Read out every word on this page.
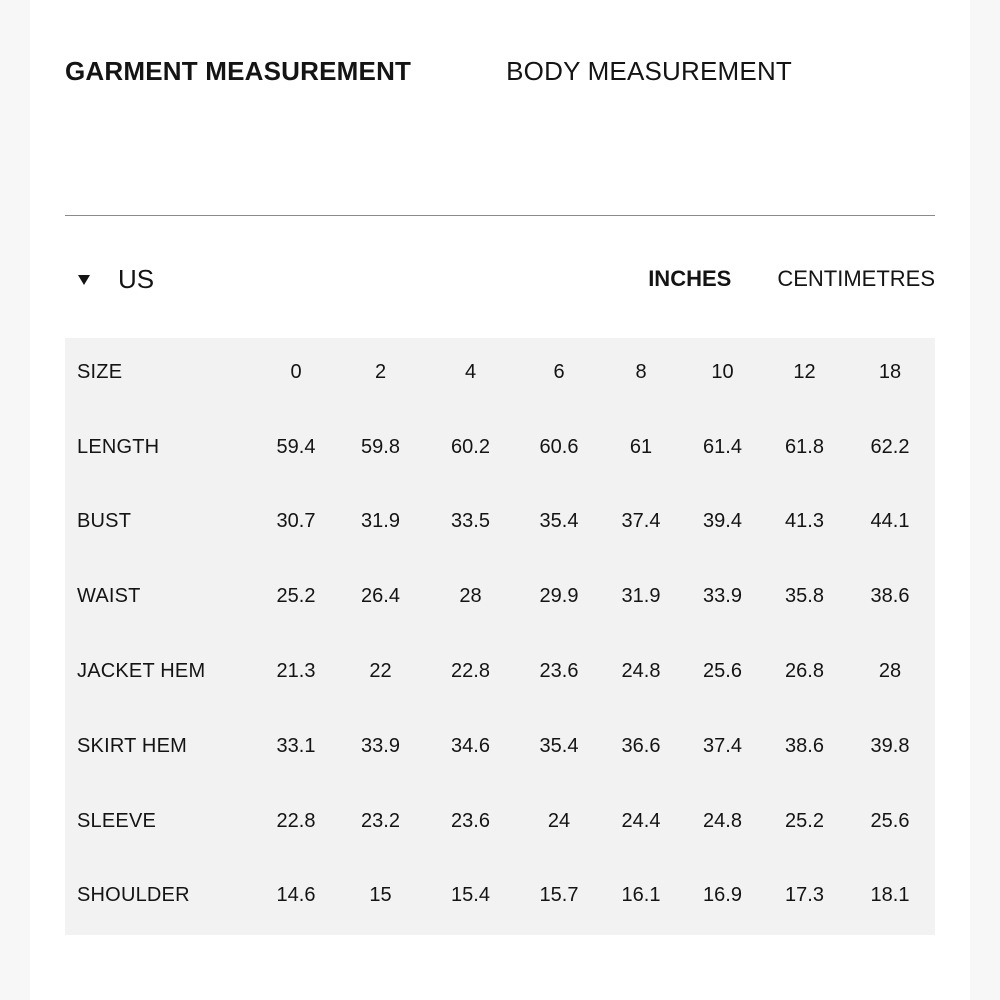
GARMENT MEASUREMENT	BODY MEASUREMENT
US	INCHES CENTIMETRES
SIZE	0	2	4	6	8	10	12	18
LENGTH	59.4	59.8	60.2	60.6	61	61.4	61.8	62.2
BUST	30.7	31.9	33.5	35.4	37.4	39.4	41.3	44.1
WAIST	25.2	26.4	28	29.9	31.9	33.9	35.8	38.6
JACKET HEM	21.3	22	22.8	23.6	24.8	25.6	26.8	28
SKIRT HEM	33.1	33.9	34.6	35.4	36.6	37.4	38.6	39.8
SLEEVE	22.8	23.2	23.6	24	24.4	24.8	25.2	25.6
SHOULDER	14.6	15	15.4	15.7	16.1	16.9	17.3	18.1
